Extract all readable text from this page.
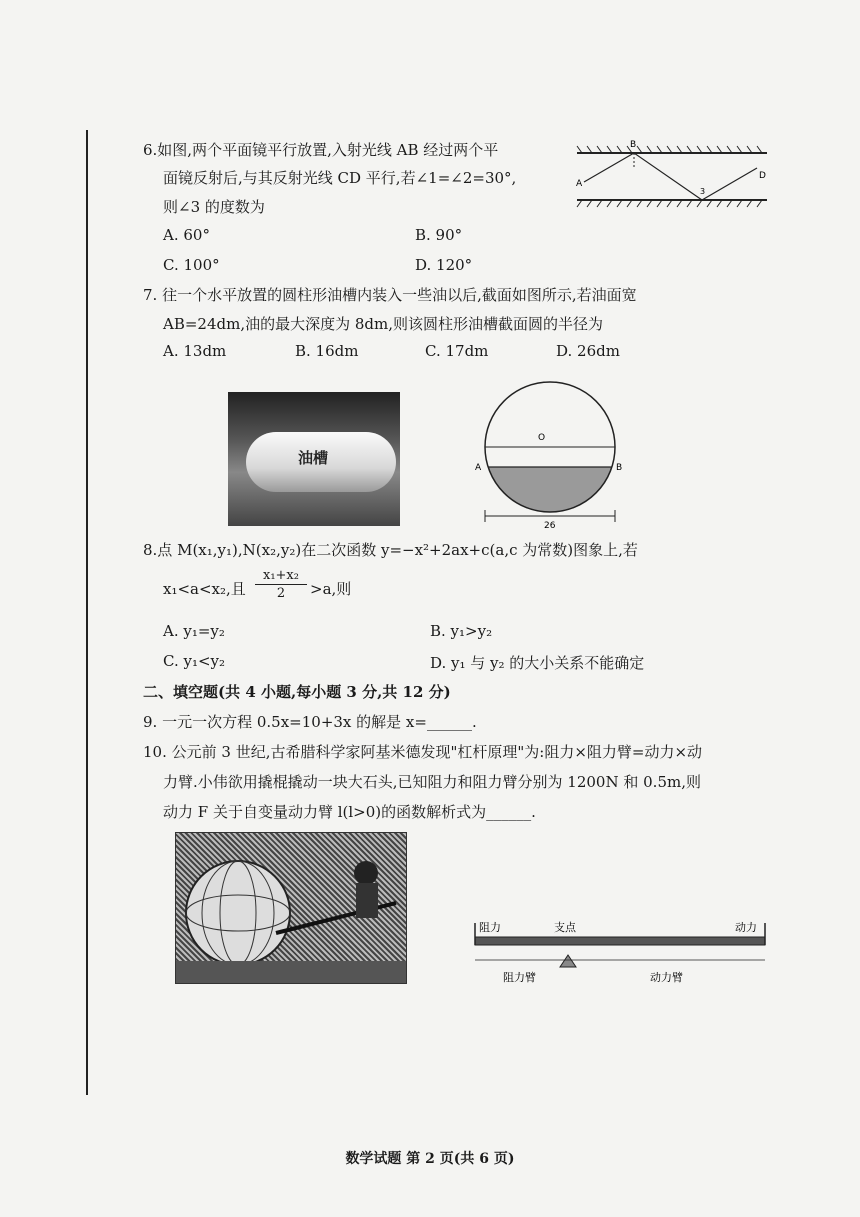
6.如图,两个平面镜平行放置,入射光线 AB 经过两个平
面镜反射后,与其反射光线 CD 平行,若∠1=∠2=30°,
则∠3 的度数为
A. 60°	B. 90°
C. 100°	D. 120°
A
B
D
3
7. 往一个水平放置的圆柱形油槽内装入一些油以后,截面如图所示,若油面宽
AB=24dm,油的最大深度为 8dm,则该圆柱形油槽截面圆的半径为
A. 13dm	B. 16dm	C. 17dm	D. 26dm
油槽
O
A	B
26
8.点 M(x₁,y₁),N(x₂,y₂)在二次函数 y=−x²+2ax+c(a,c 为常数)图象上,若
x₁<a<x₂,且 $\frac{\text{x₁+x₂}}{2} >a$,则
A. y₁=y₂	B. y₁>y₂
C. y₁<y₂	D. y₁ 与 y₂ 的大小关系不能确定
二、填空题(共 4 小题,每小题 3 分,共 12 分)
9. 一元一次方程 0.5x=10+3x 的解是 x=______.
10. 公元前 3 世纪,古希腊科学家阿基米德发现"杠杆原理"为:阻力×阻力臂=动力×动
力臂.小伟欲用撬棍撬动一块大石头,已知阻力和阻力臂分别为 1200N 和 0.5m,则
动力 F 关于自变量动力臂 l(l>0)的函数解析式为______.
阻力	支点	动力
阻力臂	动力臂
数学试题 第 2 页(共 6 页)
